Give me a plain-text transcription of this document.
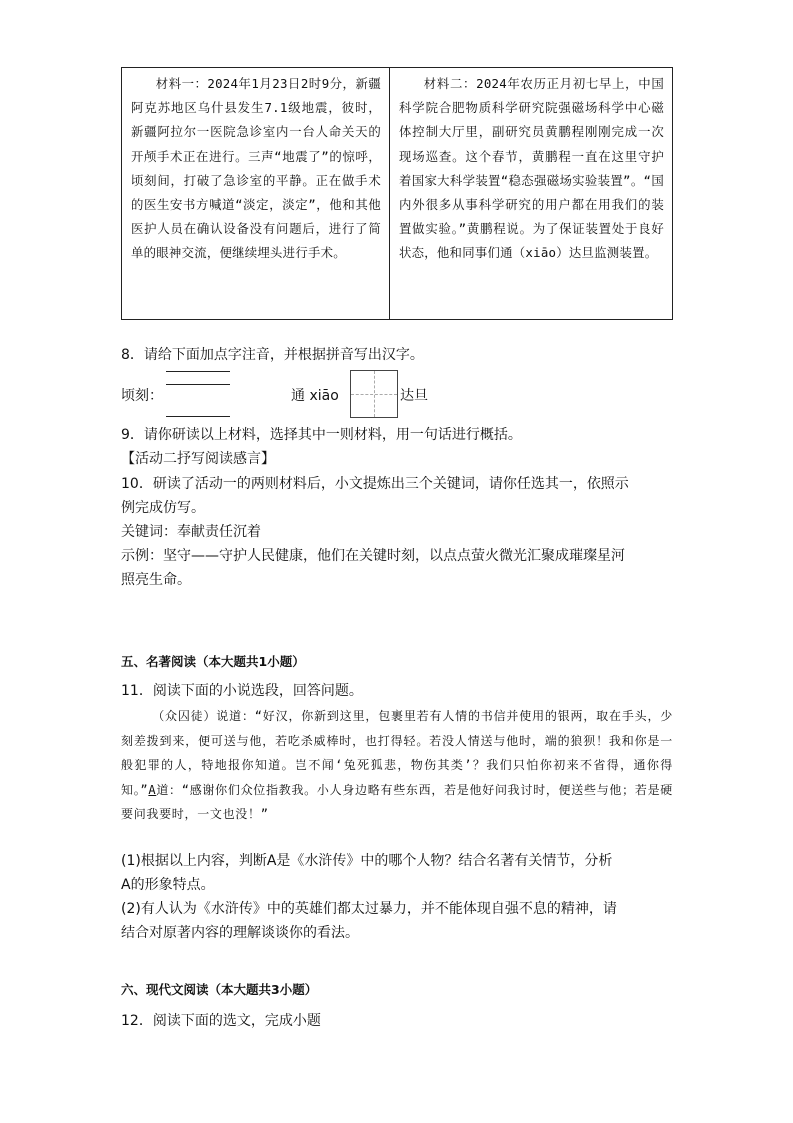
材料一：2024年1月23日2时9分，新疆阿克苏地区乌什县发生7.1级地震，彼时，新疆阿拉尔一医院急诊室内一台人命关天的开颅手术正在进行。三声“地震了”的惊呼，顷刻间，打破了急诊室的平静。正在做手术的医生安书方喊道“淡定，淡定”，他和其他医护人员在确认设备没有问题后，进行了简单的眼神交流，便继续埋头进行手术。
材料二：2024年农历正月初七早上，中国科学院合肥物质科学研究院强磁场科学中心磁体控制大厅里，副研究员黄鹏程刚刚完成一次现场巡查。这个春节，黄鹏程一直在这里守护着国家大科学装置“稳态强磁场实验装置”。“国内外很多从事科学研究的用户都在用我们的装置做实验。”黄鹏程说。为了保证装置处于良好状态，他和同事们通（xiāo）达旦监测装置。
8．请给下面加点字注音，并根据拼音写出汉字。
顷刻：	通 xiāo	达旦
9．请你研读以上材料，选择其中一则材料，用一句话进行概括。
【活动二抒写阅读感言】
10．研读了活动一的两则材料后，小文提炼出三个关键词，请你任选其一，依照示
例完成仿写。
关键词：奉献责任沉着
示例：坚守——守护人民健康，他们在关键时刻，以点点萤火微光汇聚成璀璨星河
照亮生命。
五、名著阅读（本大题共1小题）
11．阅读下面的小说选段，回答问题。
（众囚徒）说道：“好汉，你新到这里，包裹里若有人情的书信并使用的银两，取在手头，少刻差拨到来，便可送与他，若吃杀威棒时，也打得轻。若没人情送与他时，端的狼狈！我和你是一般犯罪的人，特地报你知道。岂不闻‘兔死狐悲，物伤其类’？我们只怕你初来不省得，通你得知。”A道：“感谢你们众位指教我。小人身边略有些东西，若是他好问我讨时，便送些与他；若是硬要问我要时，一文也没！”
(1)根据以上内容，判断A是《水浒传》中的哪个人物？结合名著有关情节，分析
A的形象特点。
(2)有人认为《水浒传》中的英雄们都太过暴力，并不能体现自强不息的精神，请
结合对原著内容的理解谈谈你的看法。
六、现代文阅读（本大题共3小题）
12．阅读下面的选文，完成小题
